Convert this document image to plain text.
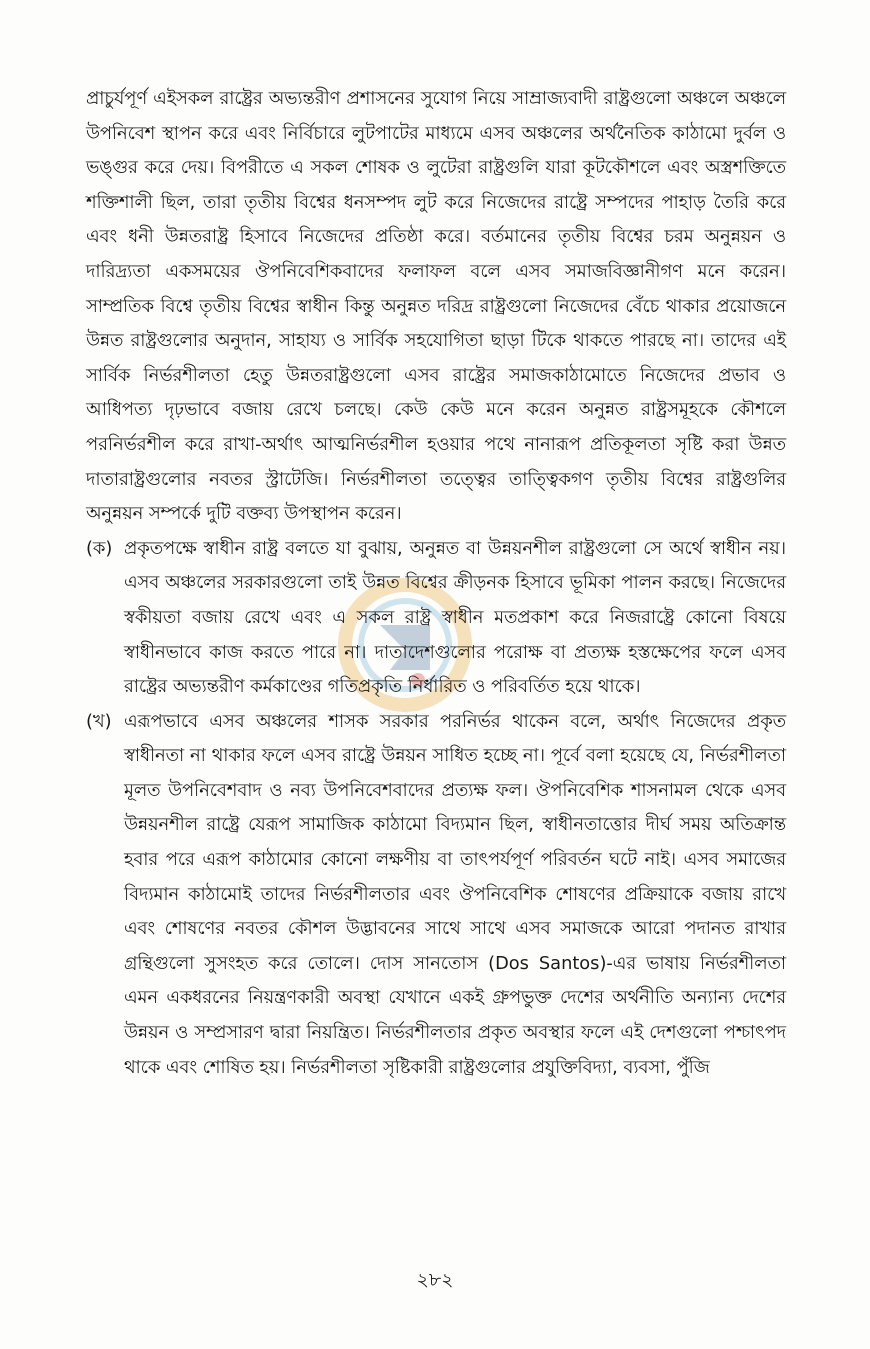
প্রাচুর্যপূর্ণ এইসকল রাষ্ট্রের অভ্যন্তরীণ প্রশাসনের সুযোগ নিয়ে সাম্রাজ্যবাদী রাষ্ট্রগুলো অঞ্চলে অঞ্চলে উপনিবেশ স্থাপন করে এবং নির্বিচারে লুটপাটের মাধ্যমে এসব অঞ্চলের অর্থনৈতিক কাঠামো দুর্বল ও ভঙ্গুর করে দেয়। বিপরীতে এ সকল শোষক ও লুটেরা রাষ্ট্রগুলি যারা কূটকৌশলে এবং অস্ত্রশক্তিতে শক্তিশালী ছিল, তারা তৃতীয় বিশ্বের ধনসম্পদ লুট করে নিজেদের রাষ্ট্রে সম্পদের পাহাড় তৈরি করে এবং ধনী উন্নতরাষ্ট্র হিসাবে নিজেদের প্রতিষ্ঠা করে। বর্তমানের তৃতীয় বিশ্বের চরম অনুন্নয়ন ও দারিদ্র্যতা একসময়ের ঔপনিবেশিকবাদের ফলাফল বলে এসব সমাজবিজ্ঞানীগণ মনে করেন। সাম্প্রতিক বিশ্বে তৃতীয় বিশ্বের স্বাধীন কিন্তু অনুন্নত দরিদ্র রাষ্ট্রগুলো নিজেদের বেঁচে থাকার প্রয়োজনে উন্নত রাষ্ট্রগুলোর অনুদান, সাহায্য ও সার্বিক সহযোগিতা ছাড়া টিকে থাকতে পারছে না। তাদের এই সার্বিক নির্ভরশীলতা হেতু উন্নতরাষ্ট্রগুলো এসব রাষ্ট্রের সমাজকাঠামোতে নিজেদের প্রভাব ও আধিপত্য দৃঢ়ভাবে বজায় রেখে চলছে। কেউ কেউ মনে করেন অনুন্নত রাষ্ট্রসমূহকে কৌশলে পরনির্ভরশীল করে রাখা-অর্থাৎ আত্মনির্ভরশীল হওয়ার পথে নানারূপ প্রতিকূলতা সৃষ্টি করা উন্নত দাতারাষ্ট্রগুলোর নবতর স্ট্রাটেজি। নির্ভরশীলতা তত্ত্বের তাত্ত্বিকগণ তৃতীয় বিশ্বের রাষ্ট্রগুলির অনুন্নয়ন সম্পর্কে দুটি বক্তব্য উপস্থাপন করেন।

(ক) প্রকৃতপক্ষে স্বাধীন রাষ্ট্র বলতে যা বুঝায়, অনুন্নত বা উন্নয়নশীল রাষ্ট্রগুলো সে অর্থে স্বাধীন নয়। এসব অঞ্চলের সরকারগুলো তাই উন্নত বিশ্বের ক্রীড়নক হিসাবে ভূমিকা পালন করছে। নিজেদের স্বকীয়তা বজায় রেখে এবং এ সকল রাষ্ট্র স্বাধীন মতপ্রকাশ করে নিজরাষ্ট্রে কোনো বিষয়ে স্বাধীনভাবে কাজ করতে পারে না। দাতাদেশগুলোর পরোক্ষ বা প্রত্যক্ষ হস্তক্ষেপের ফলে এসব রাষ্ট্রের অভ্যন্তরীণ কর্মকাণ্ডের গতিপ্রকৃতি নির্ধারিত ও পরিবর্তিত হয়ে থাকে।
(খ) এরূপভাবে এসব অঞ্চলের শাসক সরকার পরনির্ভর থাকেন বলে, অর্থাৎ নিজেদের প্রকৃত স্বাধীনতা না থাকার ফলে এসব রাষ্ট্রে উন্নয়ন সাধিত হচ্ছে না। পূর্বে বলা হয়েছে যে, নির্ভরশীলতা মূলত উপনিবেশবাদ ও নব্য উপনিবেশবাদের প্রত্যক্ষ ফল। ঔপনিবেশিক শাসনামল থেকে এসব উন্নয়নশীল রাষ্ট্রে যেরূপ সামাজিক কাঠামো বিদ্যমান ছিল, স্বাধীনতাত্তোর দীর্ঘ সময় অতিক্রান্ত হবার পরে এরূপ কাঠামোর কোনো লক্ষণীয় বা তাৎপর্যপূর্ণ পরিবর্তন ঘটে নাই। এসব সমাজের বিদ্যমান কাঠামোই তাদের নির্ভরশীলতার এবং ঔপনিবেশিক শোষণের প্রক্রিয়াকে বজায় রাখে এবং শোষণের নবতর কৌশল উদ্ভাবনের সাথে সাথে এসব সমাজকে আরো পদানত রাখার গ্রন্থিগুলো সুসংহত করে তোলে। দোস সানতোস (Dos Santos)-এর ভাষায় নির্ভরশীলতা এমন একধরনের নিয়ন্ত্রণকারী অবস্থা যেখানে একই গ্রুপভুক্ত দেশের অর্থনীতি অন্যান্য দেশের উন্নয়ন ও সম্প্রসারণ দ্বারা নিয়ন্ত্রিত। নির্ভরশীলতার প্রকৃত অবস্থার ফলে এই দেশগুলো পশ্চাৎপদ থাকে এবং শোষিত হয়। নির্ভরশীলতা সৃষ্টিকারী রাষ্ট্রগুলোর প্রযুক্তিবিদ্যা, ব্যবসা, পুঁজি
২৮২
